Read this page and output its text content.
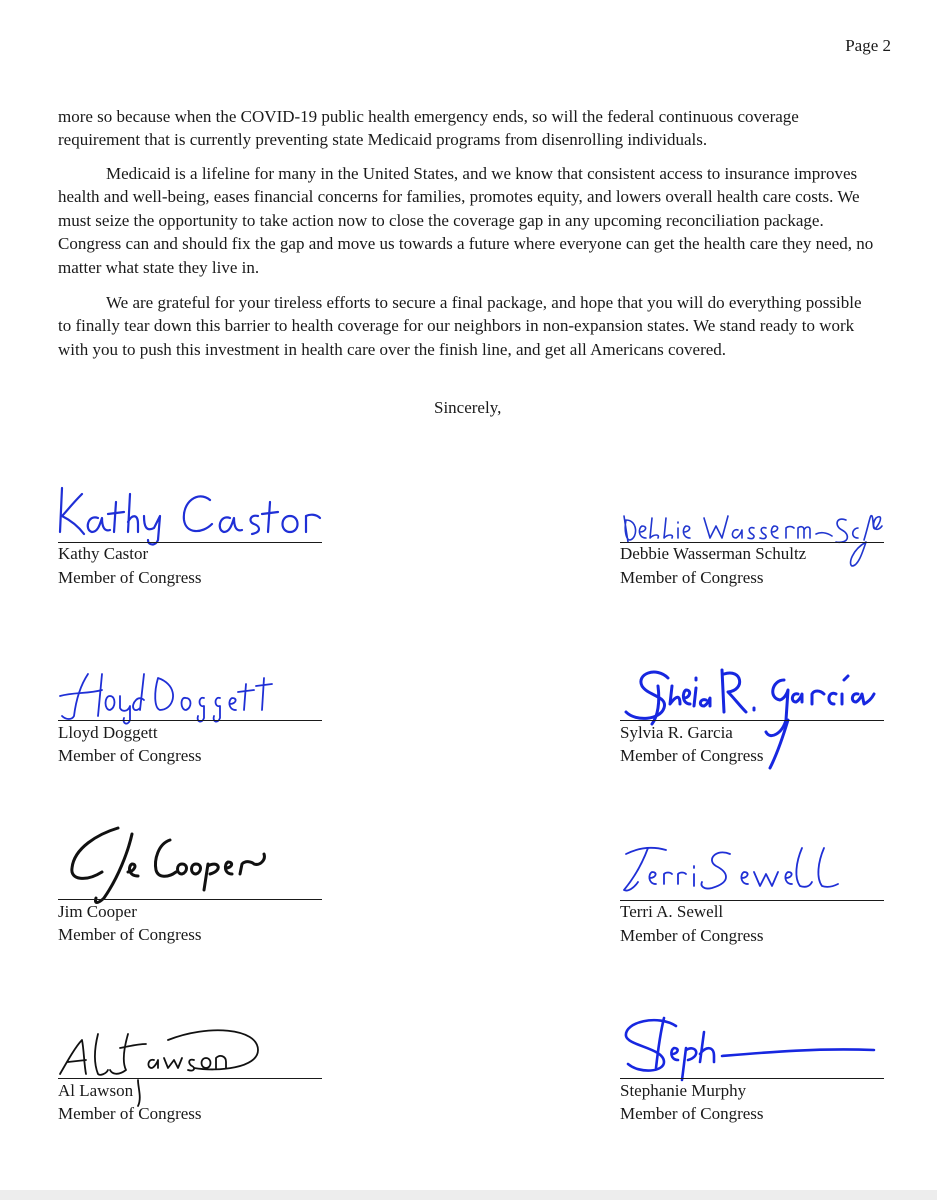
Page 2

more so because when the COVID-19 public health emergency ends, so will the federal continuous coverage requirement that is currently preventing state Medicaid programs from disenrolling individuals.

Medicaid is a lifeline for many in the United States, and we know that consistent access to insurance improves health and well-being, eases financial concerns for families, promotes equity, and lowers overall health care costs. We must seize the opportunity to take action now to close the coverage gap in any upcoming reconciliation package. Congress can and should fix the gap and move us towards a future where everyone can get the health care they need, no matter what state they live in.

We are grateful for your tireless efforts to secure a final package, and hope that you will do everything possible to finally tear down this barrier to health coverage for our neighbors in non-expansion states. We stand ready to work with you to push this investment in health care over the finish line, and get all Americans covered.

Sincerely,
Kathy Castor
Member of Congress
Debbie Wasserman Schultz
Member of Congress
Lloyd Doggett
Member of Congress
Sylvia R. Garcia
Member of Congress
Jim Cooper
Member of Congress
Terri A. Sewell
Member of Congress
Al Lawson
Member of Congress
Stephanie Murphy
Member of Congress
